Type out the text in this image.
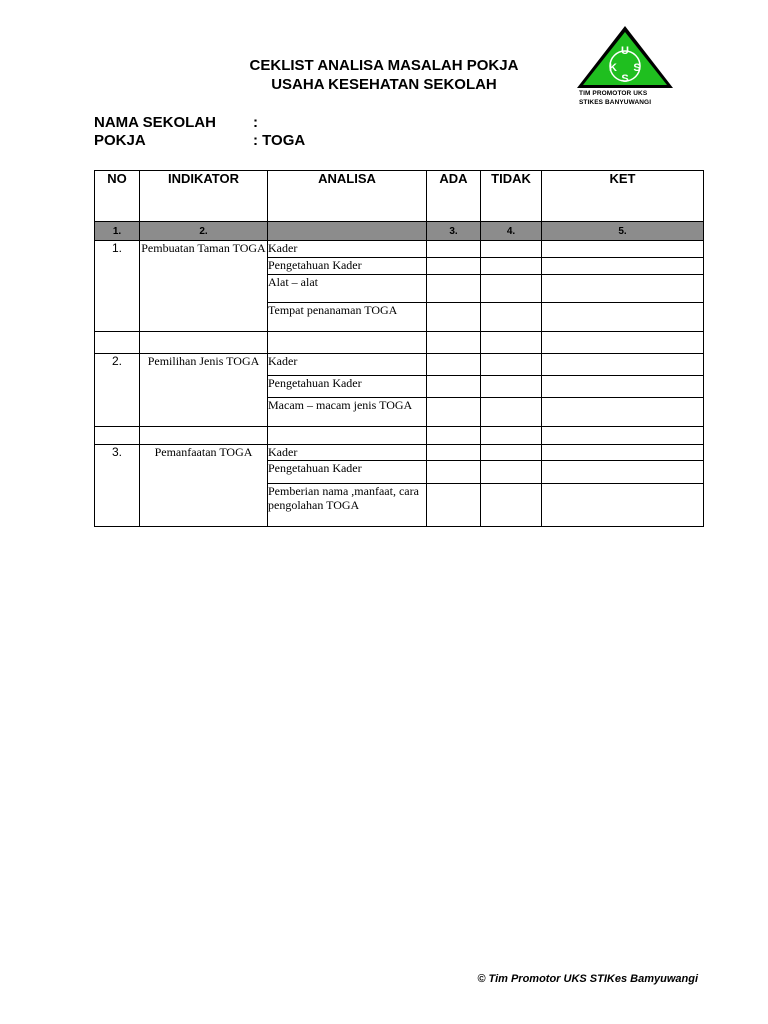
CEKLIST ANALISA MASALAH POKJA
USAHA KESEHATAN SEKOLAH
U
K S
S
TIM PROMOTOR UKS
STIKES BANYUWANGI
NAMA SEKOLAH :
POKJA	: TOGA
NO	INDIKATOR	ANALISA	ADA	TIDAK	KET
1.	2.		3.	4.	5.
1.	Pembuatan Taman TOGA	Kader			
		Pengetahuan Kader			
		Alat – alat			
		Tempat penanaman TOGA			

2.	Pemilihan Jenis TOGA	Kader			
		Pengetahuan Kader			
		Macam – macam jenis TOGA			

3.	Pemanfaatan TOGA	Kader			
		Pengetahuan Kader			
		Pemberian nama ,manfaat, cara pengolahan TOGA			
© Tim Promotor UKS STIKes Bamyuwangi
